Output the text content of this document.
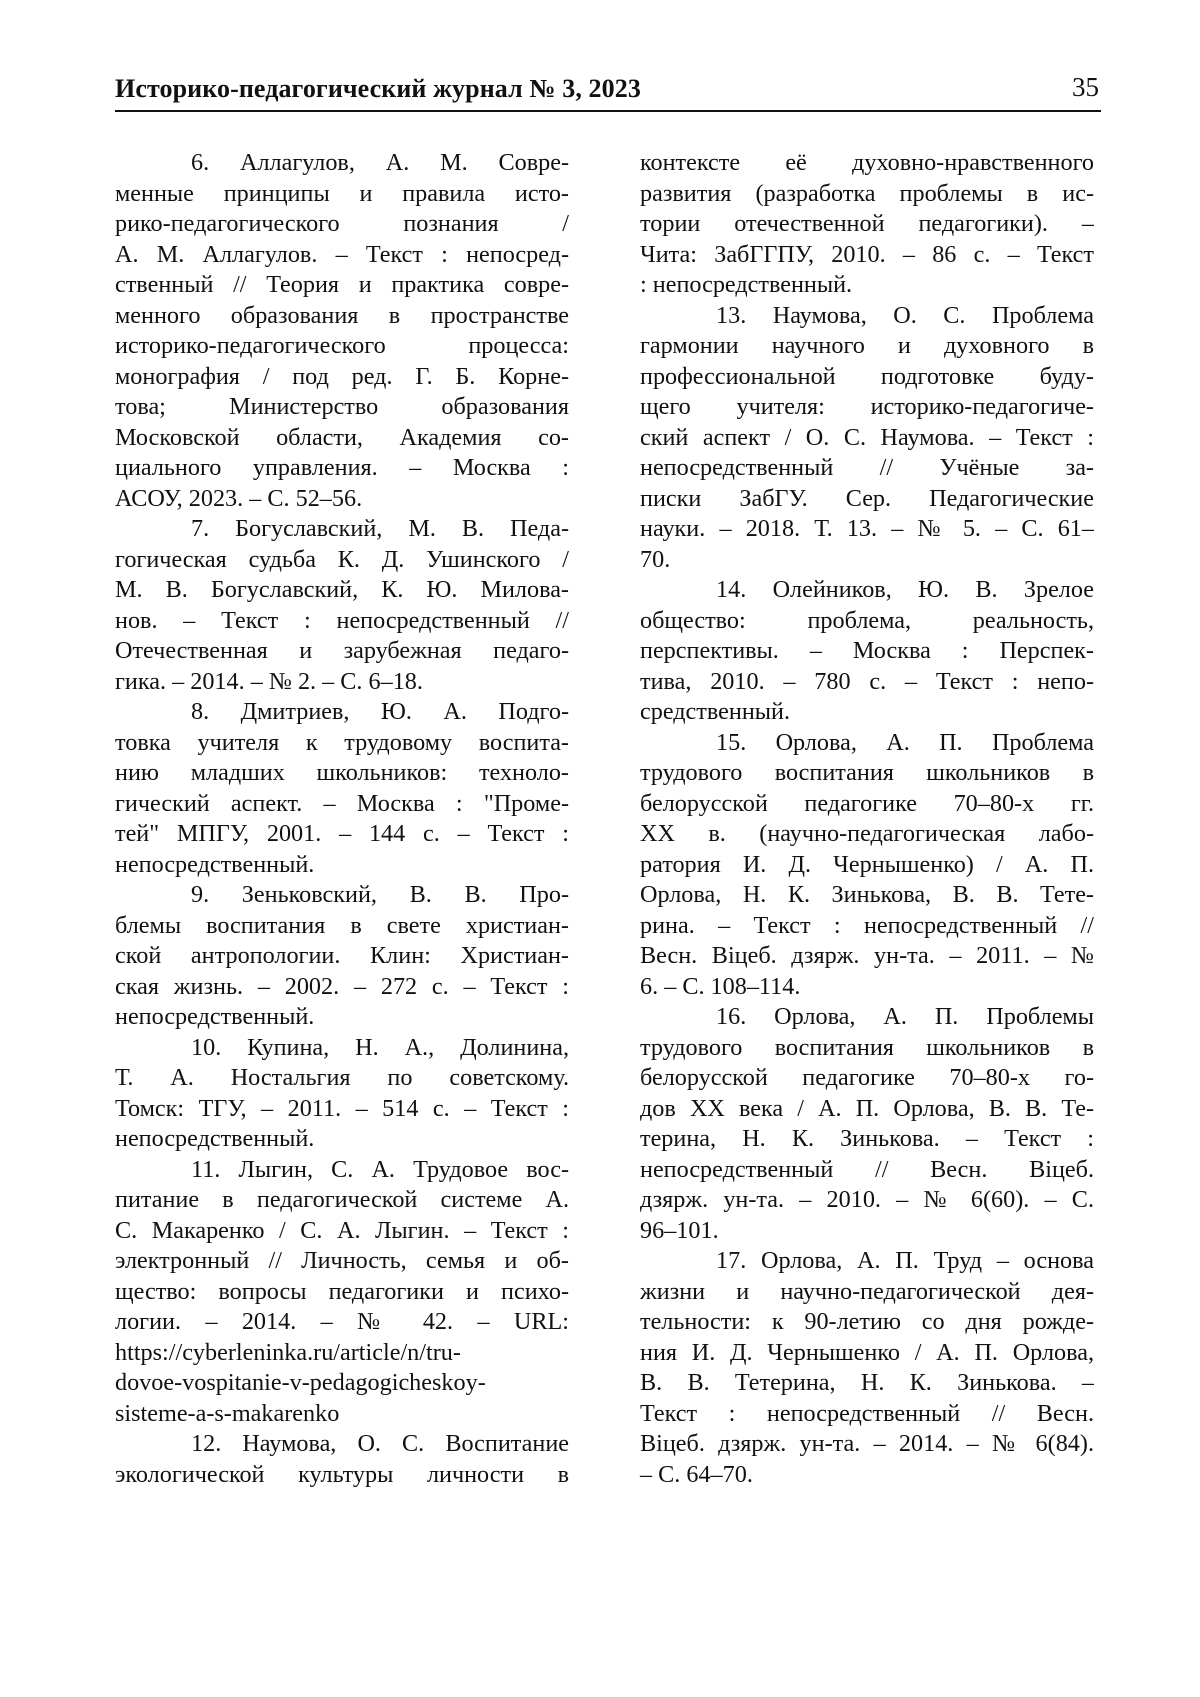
Историко-педагогический журнал № 3, 2023	35
6. Аллагулов, А. М. Совре-
менные принципы и правила исто-
рико-педагогического познания /
А. М. Аллагулов. – Текст : непосред-
ственный // Теория и практика совре-
менного образования в пространстве
историко-педагогического процесса:
монография / под ред. Г. Б. Корне-
това; Министерство образования
Московской области, Академия со-
циального управления. – Москва :
АСОУ, 2023. – С. 52–56.
7. Богуславский, М. В. Педа-
гогическая судьба К. Д. Ушинского /
М. В. Богуславский, К. Ю. Милова-
нов. – Текст : непосредственный //
Отечественная и зарубежная педаго-
гика. – 2014. – № 2. – С. 6–18.
8. Дмитриев, Ю. А. Подго-
товка учителя к трудовому воспита-
нию младших школьников: техноло-
гический аспект. – Москва : "Проме-
тей" МПГУ, 2001. – 144 с. – Текст :
непосредственный.
9. Зеньковский, В. В. Про-
блемы воспитания в свете христиан-
ской антропологии. Клин: Христиан-
ская жизнь. – 2002. – 272 с. – Текст :
непосредственный.
10. Купина, Н. А., Долинина,
Т. А. Ностальгия по советскому.
Томск: ТГУ, – 2011. – 514 с. – Текст :
непосредственный.
11. Лыгин, С. А. Трудовое вос-
питание в педагогической системе А.
С. Макаренко / С. А. Лыгин. – Текст :
электронный // Личность, семья и об-
щество: вопросы педагогики и психо-
логии. – 2014. – № 42. – URL:
https://cyberleninka.ru/article/n/tru-
dovoe-vospitanie-v-pedagogicheskoy-
sisteme-a-s-makarenko
12. Наумова, О. С. Воспитание
экологической культуры личности в
контексте её духовно-нравственного
развития (разработка проблемы в ис-
тории отечественной педагогики). –
Чита: ЗабГГПУ, 2010. – 86 с. – Текст
: непосредственный.
13. Наумова, О. С. Проблема
гармонии научного и духовного в
профессиональной подготовке буду-
щего учителя: историко-педагогиче-
ский аспект / О. С. Наумова. – Текст :
непосредственный // Учёные за-
писки ЗабГУ. Сер. Педагогические
науки. – 2018. Т. 13. – № 5. – С. 61–
70.
14. Олейников, Ю. В. Зрелое
общество: проблема, реальность,
перспективы. – Москва : Перспек-
тива, 2010. – 780 с. – Текст : непо-
средственный.
15. Орлова, А. П. Проблема
трудового воспитания школьников в
белорусской педагогике 70–80-х гг.
XX в. (научно-педагогическая лабо-
ратория И. Д. Чернышенко) / А. П.
Орлова, Н. К. Зинькова, В. В. Тете-
рина. – Текст : непосредственный //
Весн. Віцеб. дзярж. ун-та. – 2011. – №
6. – С. 108–114.
16. Орлова, А. П. Проблемы
трудового воспитания школьников в
белорусской педагогике 70–80-х го-
дов XX века / А. П. Орлова, В. В. Те-
терина, Н. К. Зинькова. – Текст :
непосредственный // Весн. Віцеб.
дзярж. ун-та. – 2010. – № 6(60). – С.
96–101.
17. Орлова, А. П. Труд – основа
жизни и научно-педагогической дея-
тельности: к 90-летию со дня рожде-
ния И. Д. Чернышенко / А. П. Орлова,
В. В. Тетерина, Н. К. Зинькова. –
Текст : непосредственный // Весн.
Віцеб. дзярж. ун-та. – 2014. – № 6(84).
– С. 64–70.
